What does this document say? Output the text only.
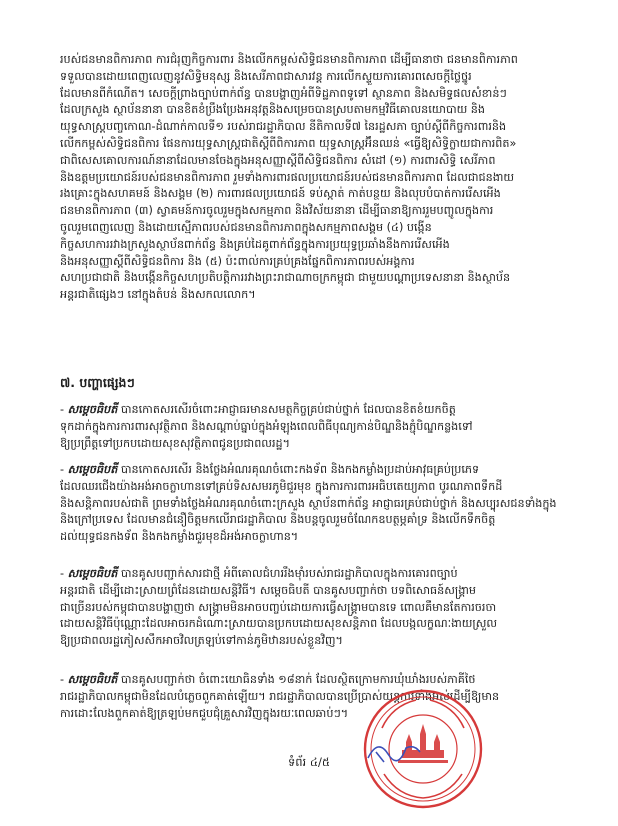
របស់ជនមានពិការភាព ការជំរុញកិច្ចការពារ និងលើកកម្ពស់សិទ្ធិជនមានពិការភាព ដើម្បីធានាថា ជនមានពិការភាព
ទទួលបានដោយពេញលេញនូវសិទ្ធិមនុស្ស និងសេរីភាពជាសារវន្ត ការលើកស្ទួយការគោរពសេចក្តីថ្លៃថ្នូរ
ដែលមានពីកំណើត។ សេចក្តីព្រាងច្បាប់ពាក់ព័ន្ធ បានបង្ហាញអំពីទិដ្ឋភាពទូទៅ ស្ថានភាព និងសមិទ្ធផលសំខាន់ៗ
ដែលក្រសួង ស្ថាប័ននានា បានខិតខំប្រឹងប្រែងអនុវត្តនិងសម្រេចបានស្របតាមកម្មវិធីគោលនយោបាយ និង
យុទ្ធសាស្ត្របញ្ចកោណ-ដំណាក់កាលទី១ របស់រាជរដ្ឋាភិបាល នីតិកាលទី៧ នៃរដ្ឋសភា ច្បាប់ស្តីពីកិច្ចការពារនិង
លើកកម្ពស់សិទ្ធិជនពិការ ផែនការយុទ្ធសាស្ត្រជាតិស្តីពីពិការភាព យុទ្ធសាស្ត្រអ៊ីនឈន់ «ធ្វើឱ្យសិទ្ធិក្លាយជាការពិត»
ជាពិសេសគោលការណ៍នានាដែលមានចែងក្នុងអនុសញ្ញាស្តីពីសិទ្ធិជនពិការ សំដៅ (១) ការពារសិទ្ធិ សេរីភាព
និងឧត្តមប្រយោជន៍របស់ជនមានពិការភាព រួមទាំងការពារផលប្រយោជន៍របស់ជនមានពិការភាព ដែលជាជនងាយ
រងគ្រោះក្នុងសហគមន៍ និងសង្គម (២) ការពារផលប្រយោជន៍ ទប់ស្កាត់ កាត់បន្ថយ និងលុបបំបាត់ការរើសអើង
ជនមានពិការភាព (៣) ស្វាគមន៍ការចូលរួមក្នុងសកម្មភាព និងវិស័យនានា ដើម្បីធានាឱ្យការរួមបញ្ចូលក្នុងការ
ចូលរួមពេញលេញ និងដោយស្មើភាពរបស់ជនមានពិការភាពក្នុងសកម្មភាពសង្គម (៤) បង្កើន
កិច្ចសហការរវាងក្រសួងស្ថាប័នពាក់ព័ន្ធ និងគ្រប់ដៃគូពាក់ព័ន្ធក្នុងការប្រយុទ្ធប្រឆាំងនឹងការរើសអើង
និងអនុសញ្ញាស្តីពីសិទ្ធិជនពិការ និង (៥) ប៉ះពាល់ការគ្រប់គ្រងផ្នែកពិការភាពរបស់អង្គការ
សហប្រជាជាតិ និងបង្កើនកិច្ចសហប្រតិបត្តិការរវាងព្រះរាជាណាចក្រកម្ពុជា ជាមួយបណ្តាប្រទេសនានា និងស្ថាប័ន
អន្តរជាតិផ្សេងៗ នៅក្នុងតំបន់ និងសកលលោក។
៧. បញ្ហាផ្សេងៗ
- សម្តេចធិបតី បានកោតសរសើរចំពោះអាជ្ញាធរមានសមត្ថកិច្ចគ្រប់ជាប់ថ្នាក់ ដែលបានខិតខំយកចិត្ត
ទុកដាក់ក្នុងការការពារសុវត្ថិភាព និងសណ្តាប់ធ្នាប់ក្នុងអំឡុងពេលពិធីបុណ្យកាន់បិណ្ឌនិងភ្ជុំបិណ្ឌកន្លងទៅ
ឱ្យប្រព្រឹត្តទៅប្រកបដោយសុខសុវត្ថិភាពជូនប្រជាពលរដ្ឋ។
- សម្តេចធិបតី បានកោតសរសើរ និងថ្លែងអំណរគុណចំពោះកងទ័ព និងកងកម្លាំងប្រដាប់អាវុធគ្រប់ប្រភេទ
ដែលឈរជើងយ៉ាងអង់អាចក្លាហានទៅគ្រប់ទិសសមរភូមិជួរមុខ ក្នុងការការពារអធិបតេយ្យភាព បូរណភាពទឹកដី
និងសន្តិភាពរបស់ជាតិ ព្រមទាំងថ្លែងអំណរគុណចំពោះក្រសួង ស្ថាប័នពាក់ព័ន្ធ អាជ្ញាធរគ្រប់ជាប់ថ្នាក់ និងសប្បុរសជនទាំងក្នុង
និងក្រៅប្រទេស ដែលមានជំនឿចិត្តមកលើរាជរដ្ឋាភិបាល និងបន្តចូលរួមចំណែកឧបត្ថម្ភគាំទ្រ និងលើកទឹកចិត្ត
ដល់យុទ្ធជនកងទ័ព និងកងកម្លាំងជួរមុខដ៏អង់អាចក្លាហាន។
- សម្តេចធិបតី បានគូសបញ្ជាក់សារជាថ្មី អំពីគោលជំហររឹងម៉ាំរបស់រាជរដ្ឋាភិបាលក្នុងការគោរពច្បាប់
អន្តរជាតិ ដើម្បីដោះស្រាយព្រំដែនដោយសន្តិវិធី។ សម្តេចធិបតី បានគូសបញ្ជាក់ថា បទពិសោធន៍សង្គ្រាម
ជាច្រើនរបស់កម្ពុជាបានបង្ហាញថា សង្គ្រាមមិនអាចបញ្ចប់ដោយការធ្វើសង្គ្រាមបានទេ ពោលគឺមានតែការចរចា
ដោយសន្តិវិធីប៉ុណ្ណោះដែលអាចរកដំណោះស្រាយបានប្រកបដោយសុខសន្តិភាព ដែលបង្កលក្ខណៈងាយស្រួល
ឱ្យប្រជាពលរដ្ឋភៀសសឹកអាចវិលត្រឡប់ទៅកាន់ភូមិឋានរបស់ខ្លួនវិញ។
- សម្តេចធិបតី បានគូសបញ្ជាក់ថា ចំពោះយោធិនទាំង ១៨នាក់ ដែលស្ថិតក្រោមការឃុំឃាំងរបស់ភាគីថៃ
រាជរដ្ឋាភិបាលកម្ពុជាមិនដែលបំភ្លេចពួកគាត់ឡើយ។ រាជរដ្ឋាភិបាលបានប្រើប្រាស់យន្តការទាំងអស់ដើម្បីឱ្យមាន
ការដោះលែងពួកគាត់ឱ្យត្រឡប់មកជួបជុំគ្រួសារវិញក្នុងរយៈពេលឆាប់ៗ។
ទំព័រ ៤/៥
